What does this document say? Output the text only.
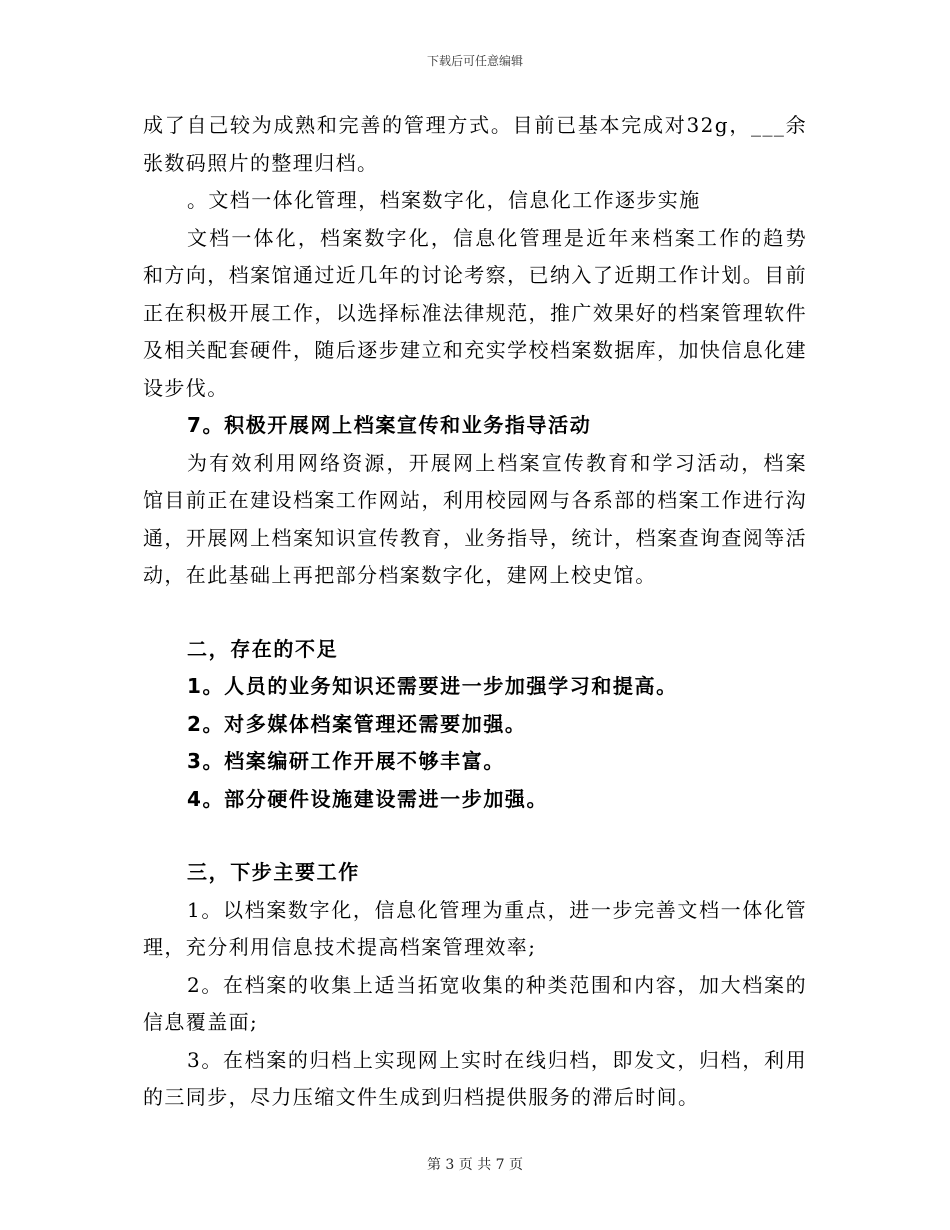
下载后可任意编辑

成了自己较为成熟和完善的管理方式。目前已基本完成对32g，___余张数码照片的整理归档。

。文档一体化管理，档案数字化，信息化工作逐步实施

文档一体化，档案数字化，信息化管理是近年来档案工作的趋势和方向，档案馆通过近几年的讨论考察，已纳入了近期工作计划。目前正在积极开展工作，以选择标准法律规范，推广效果好的档案管理软件及相关配套硬件，随后逐步建立和充实学校档案数据库，加快信息化建设步伐。

7。积极开展网上档案宣传和业务指导活动

为有效利用网络资源，开展网上档案宣传教育和学习活动，档案馆目前正在建设档案工作网站，利用校园网与各系部的档案工作进行沟通，开展网上档案知识宣传教育，业务指导，统计，档案查询查阅等活动，在此基础上再把部分档案数字化，建网上校史馆。

二，存在的不足

1。人员的业务知识还需要进一步加强学习和提高。

2。对多媒体档案管理还需要加强。

3。档案编研工作开展不够丰富。

4。部分硬件设施建设需进一步加强。

三，下步主要工作

1。以档案数字化，信息化管理为重点，进一步完善文档一体化管理，充分利用信息技术提高档案管理效率;

2。在档案的收集上适当拓宽收集的种类范围和内容，加大档案的信息覆盖面;

3。在档案的归档上实现网上实时在线归档，即发文，归档，利用的三同步，尽力压缩文件生成到归档提供服务的滞后时间。

第 3 页 共 7 页
